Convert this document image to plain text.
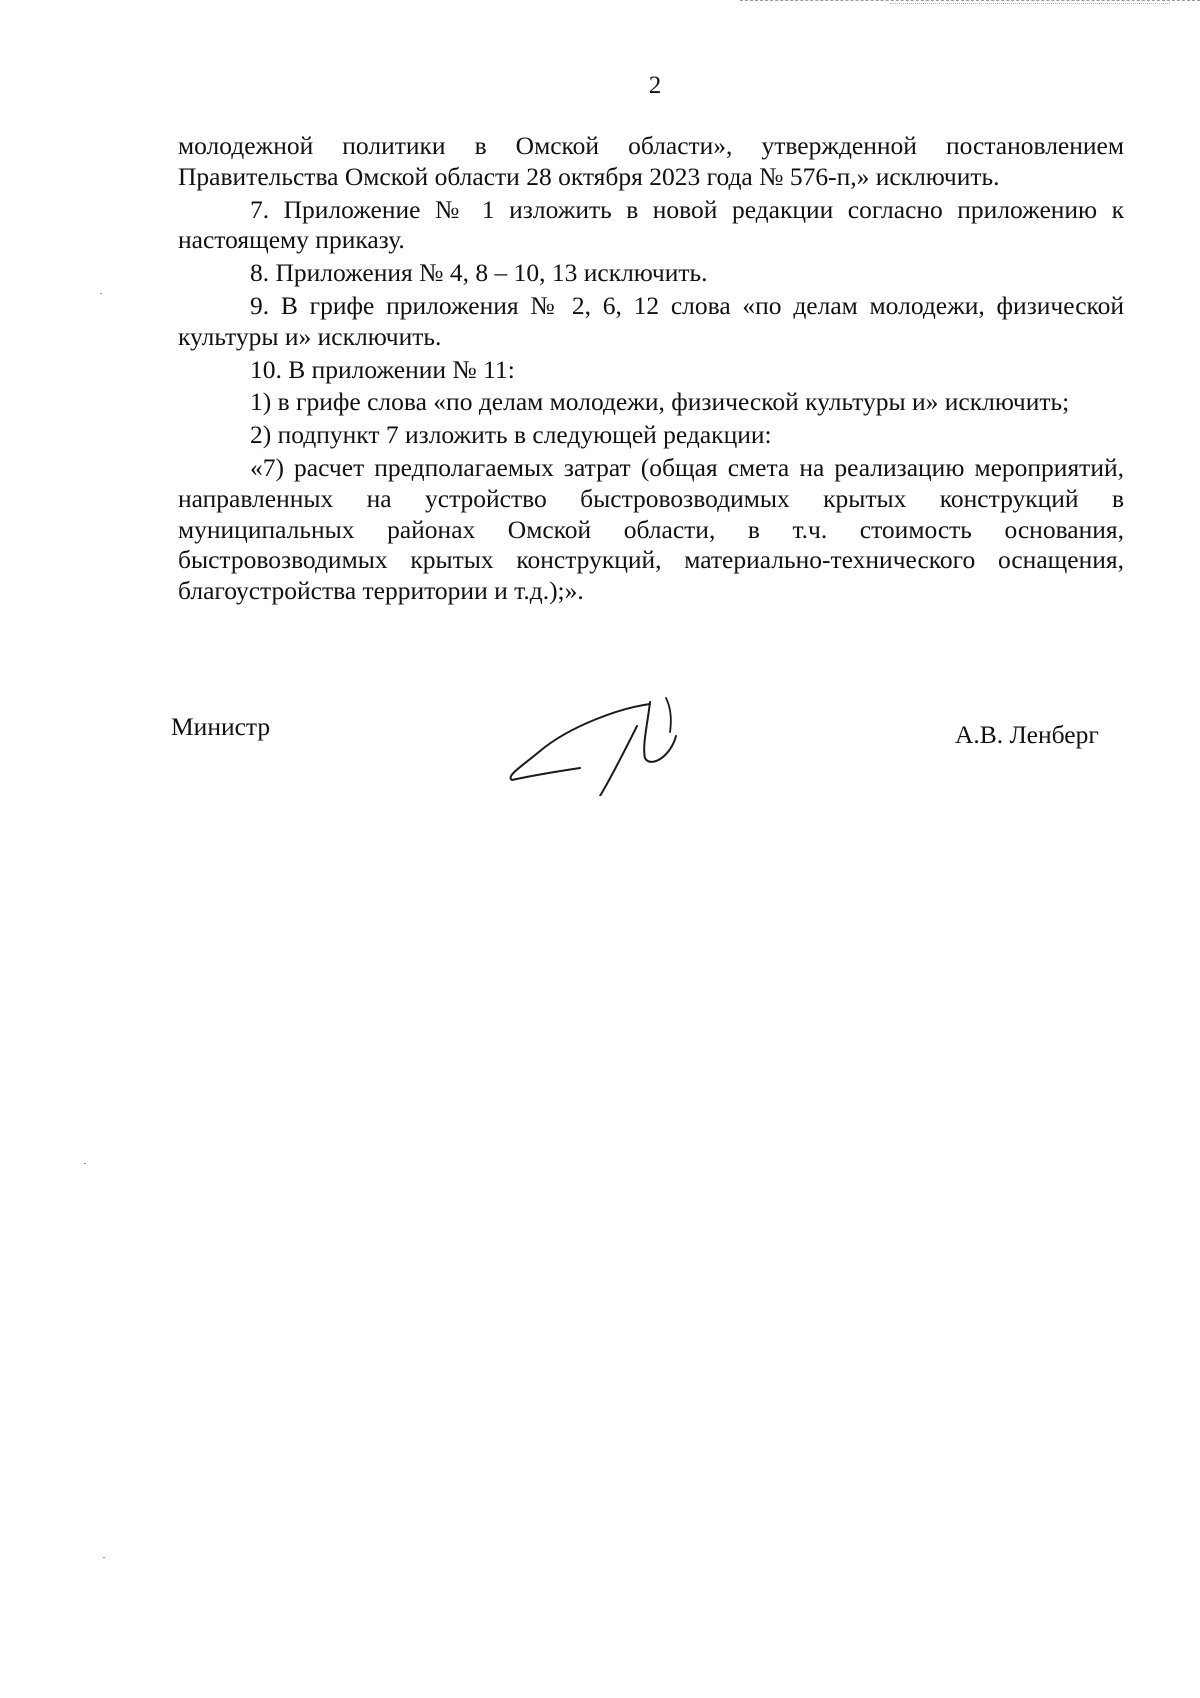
2

молодежной политики в Омской области», утвержденной постановлением Правительства Омской области 28 октября 2023 года № 576-п,» исключить.

7. Приложение № 1 изложить в новой редакции согласно приложению к настоящему приказу.

8. Приложения № 4, 8 – 10, 13 исключить.

9. В грифе приложения № 2, 6, 12 слова «по делам молодежи, физической культуры и» исключить.

10. В приложении № 11:

1) в грифе слова «по делам молодежи, физической культуры и» исключить;

2) подпункт 7 изложить в следующей редакции:

«7) расчет предполагаемых затрат (общая смета на реализацию мероприятий, направленных на устройство быстровозводимых крытых конструкций в муниципальных районах Омской области, в т.ч. стоимость основания, быстровозводимых крытых конструкций, материально-технического оснащения, благоустройства территории и т.д.);».

Министр	А.В. Ленберг
